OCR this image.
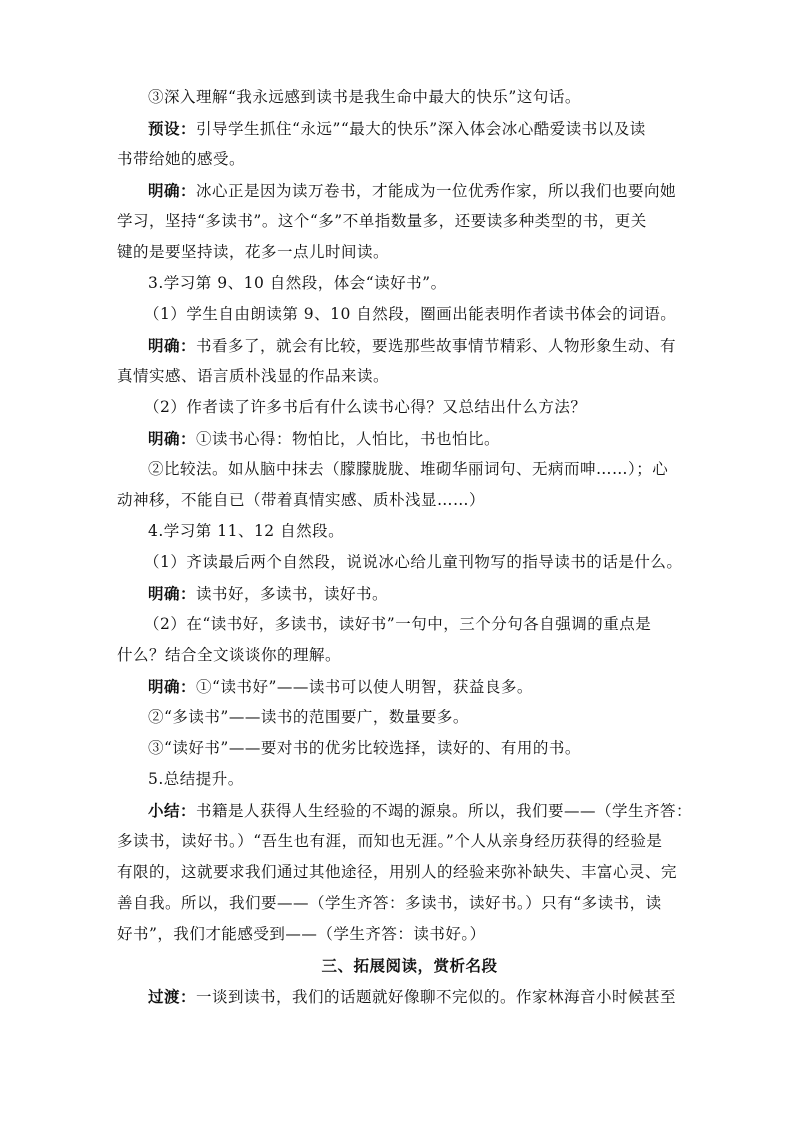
③深入理解“我永远感到读书是我生命中最大的快乐”这句话。
预设：引导学生抓住“永远”“最大的快乐”深入体会冰心酷爱读书以及读
书带给她的感受。
明确：冰心正是因为读万卷书，才能成为一位优秀作家，所以我们也要向她
学习，坚持“多读书”。这个“多”不单指数量多，还要读多种类型的书，更关
键的是要坚持读，花多一点儿时间读。
3.学习第 9、10 自然段，体会“读好书”。
（1）学生自由朗读第 9、10 自然段，圈画出能表明作者读书体会的词语。
明确：书看多了，就会有比较，要选那些故事情节精彩、人物形象生动、有
真情实感、语言质朴浅显的作品来读。
（2）作者读了许多书后有什么读书心得？又总结出什么方法？
明确：①读书心得：物怕比，人怕比，书也怕比。
②比较法。如从脑中抹去（朦朦胧胧、堆砌华丽词句、无病而呻……）；心
动神移，不能自已（带着真情实感、质朴浅显……）
4.学习第 11、12 自然段。
（1）齐读最后两个自然段，说说冰心给儿童刊物写的指导读书的话是什么。
明确：读书好，多读书，读好书。
（2）在“读书好，多读书，读好书”一句中，三个分句各自强调的重点是
什么？结合全文谈谈你的理解。
明确：①“读书好”——读书可以使人明智，获益良多。
②“多读书”——读书的范围要广，数量要多。
③“读好书”——要对书的优劣比较选择，读好的、有用的书。
5.总结提升。
小结：书籍是人获得人生经验的不竭的源泉。所以，我们要——（学生齐答：
多读书，读好书。）“吾生也有涯，而知也无涯。”个人从亲身经历获得的经验是
有限的，这就要求我们通过其他途径，用别人的经验来弥补缺失、丰富心灵、完
善自我。所以，我们要——（学生齐答：多读书，读好书。）只有“多读书，读
好书”，我们才能感受到——（学生齐答：读书好。）
三、拓展阅读，赏析名段
过渡：一谈到读书，我们的话题就好像聊不完似的。作家林海音小时候甚至
